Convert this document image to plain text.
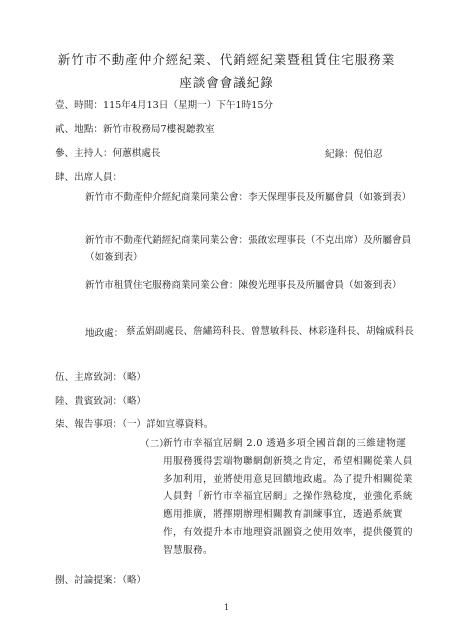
新竹市不動產仲介經紀業、代銷經紀業暨租賃住宅服務業
座談會會議紀錄
壹、時間：115年4月13日（星期一）下午1時15分
貳、地點：新竹市稅務局7樓視聽教室
參、主持人：何蕙棋處長	紀錄：倪伯忍
肆、出席人員：
新竹市不動產仲介經紀商業同業公會：李天保理事長及所屬會員（如簽到表）
新竹市不動產代銷經紀商業同業公會：張啟宏理事長（不克出席）及所屬會員（如簽到表）
新竹市租賃住宅服務商業同業公會：陳俊光理事長及所屬會員（如簽到表）
地政處： 蔡孟娟副處長、詹繡筠科長、曾慧敏科長、林彩逢科長、胡翰威科長
伍、主席致詞：（略）
陸、貴賓致詞：（略）
柒、報告事項：（一）詳如宣導資料。
（二）
新竹市幸福宜居網 2.0 透過多項全國首創的三維建物運用服務獲得雲端物聯網創新獎之肯定，希望相關從業人員多加利用，並將使用意見回饋地政處。為了提升相關從業人員對「新竹市幸福宜居網」之操作熟稔度，並強化系統應用推廣，將擇期辦理相關教育訓練事宜，透過系統實作，有效提升本市地理資訊圖資之使用效率，提供優質的智慧服務。
捌、討論提案：（略）
1
